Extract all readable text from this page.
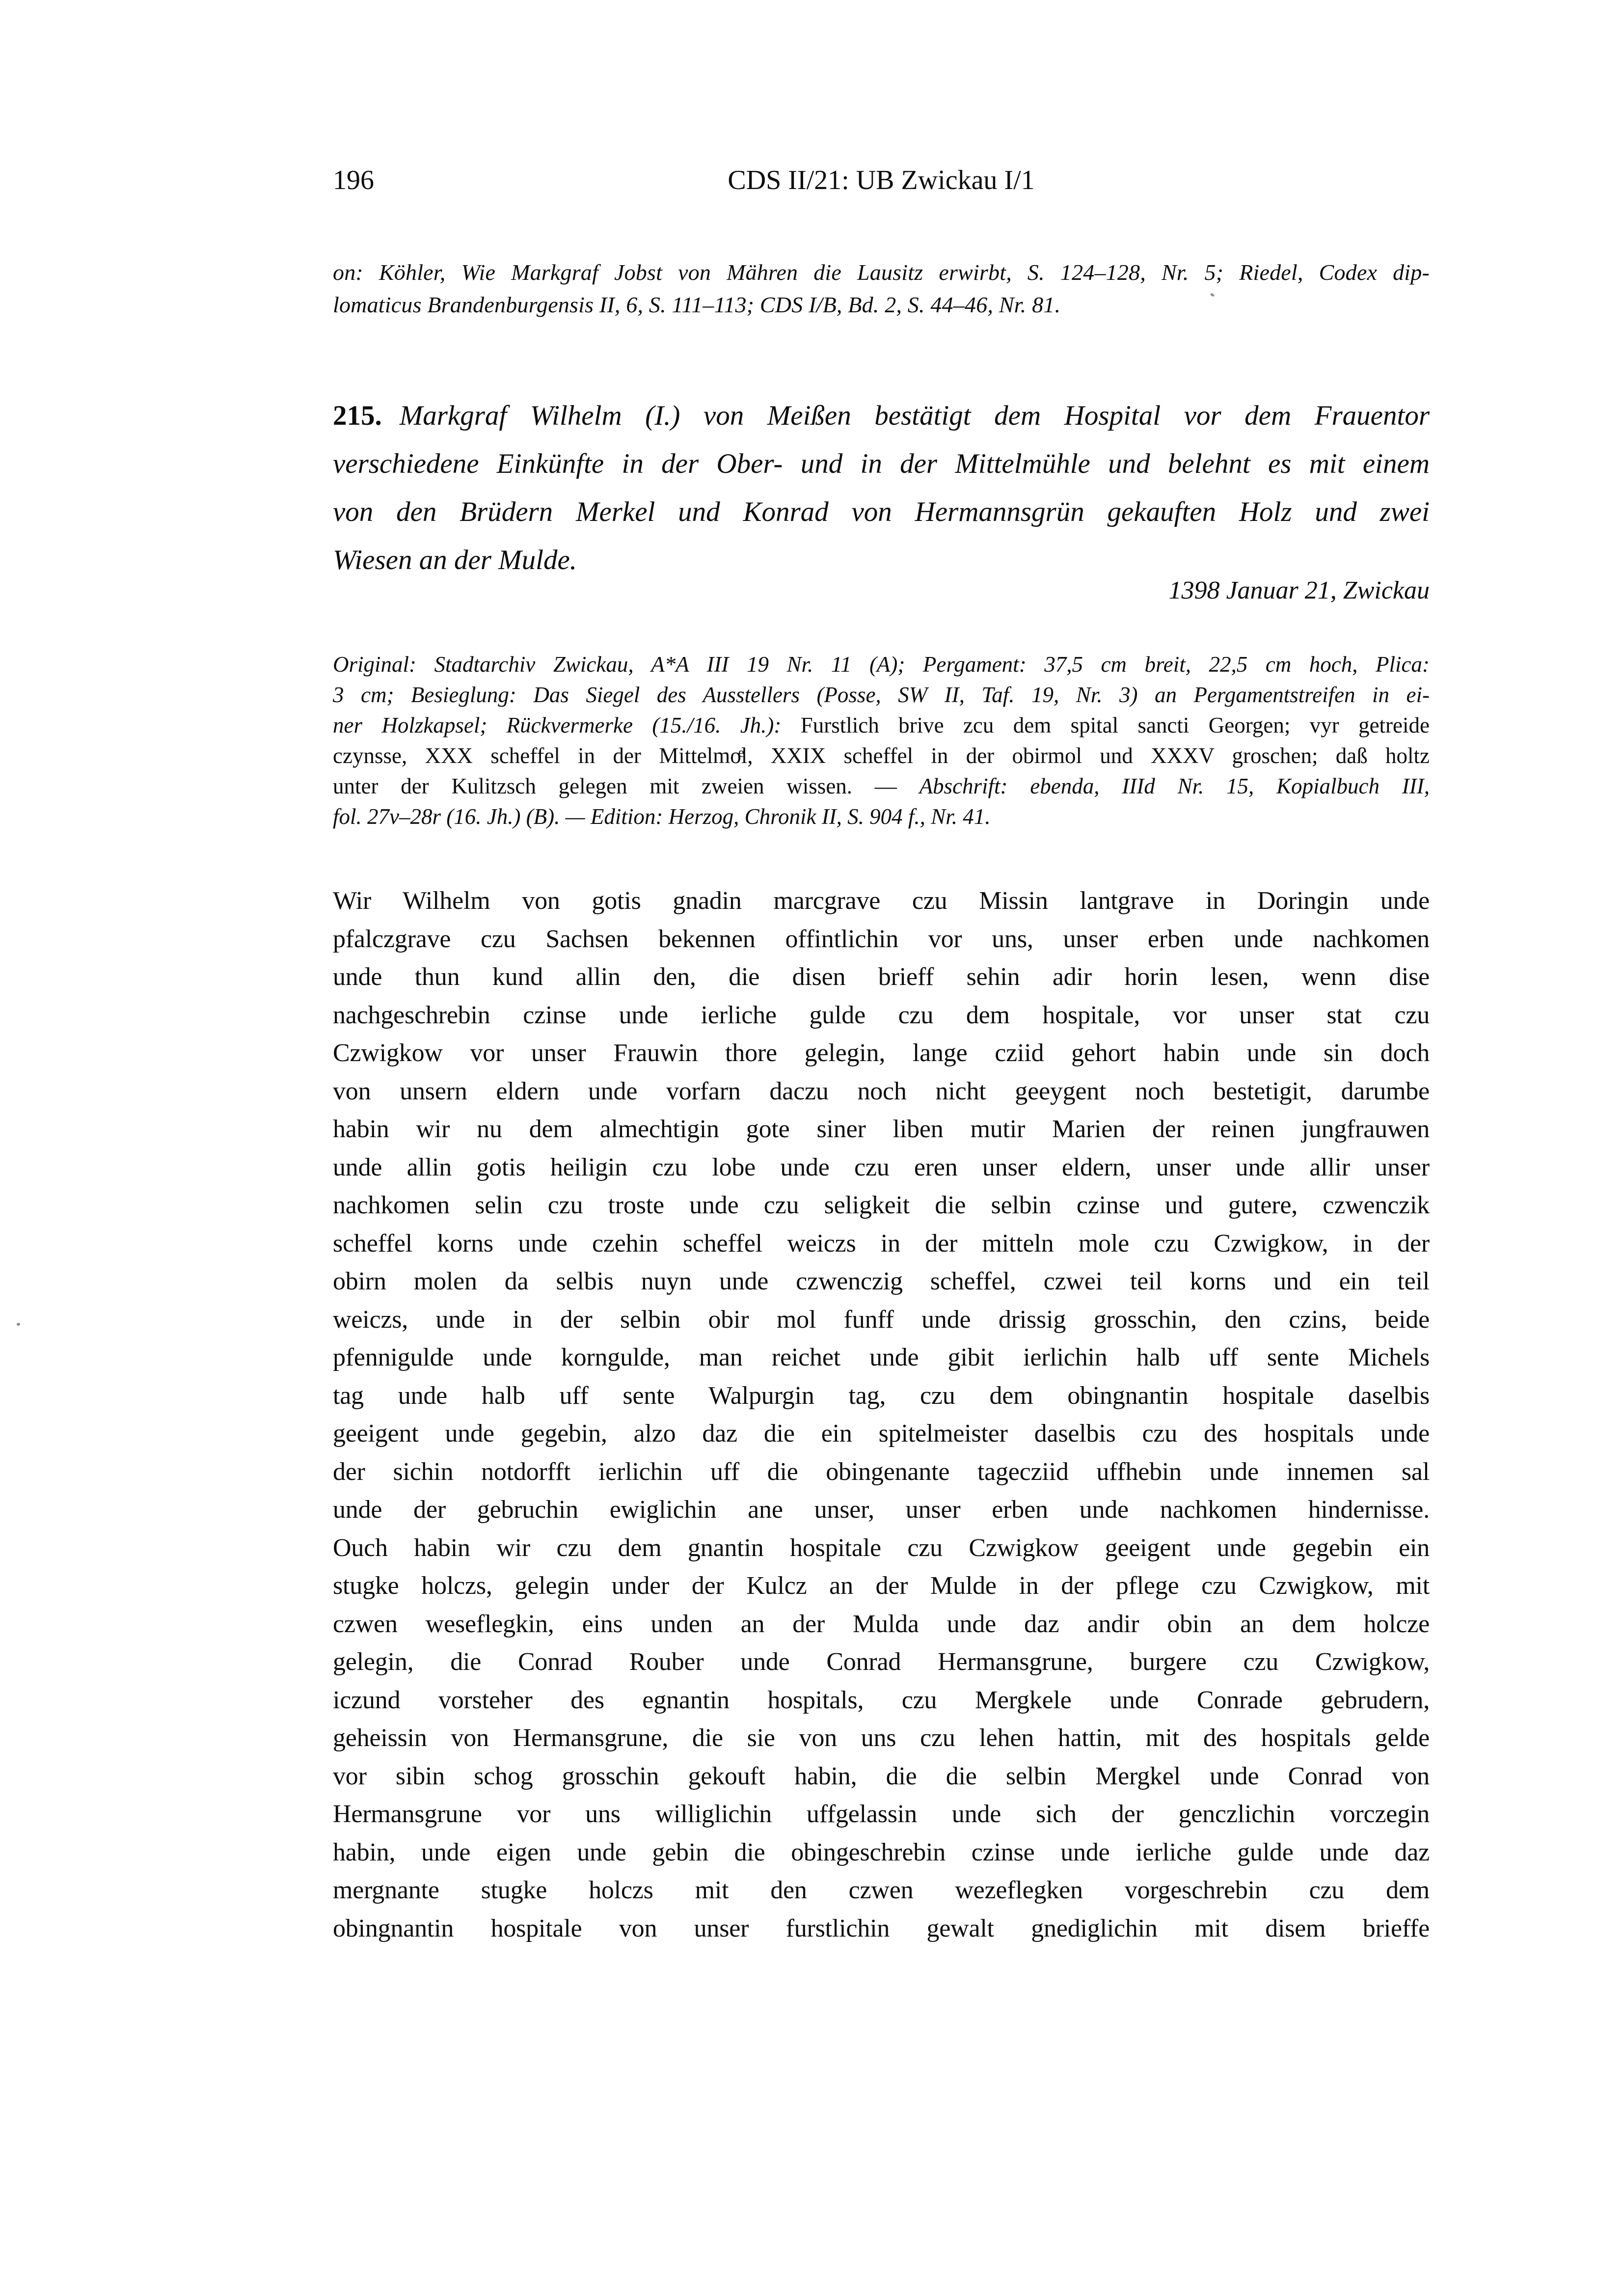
196	CDS II/21: UB Zwickau I/1
on: Köhler, Wie Markgraf Jobst von Mähren die Lausitz erwirbt, S. 124–128, Nr. 5; Riedel, Codex dip-
lomaticus Brandenburgensis II, 6, S. 111–113; CDS I/B, Bd. 2, S. 44–46, Nr. 81.
215. Markgraf Wilhelm (I.) von Meißen bestätigt dem Hospital vor dem Frauentor
verschiedene Einkünfte in der Ober- und in der Mittelmühle und belehnt es mit einem
von den Brüdern Merkel und Konrad von Hermannsgrün gekauften Holz und zwei
Wiesen an der Mulde.
1398 Januar 21, Zwickau
Original: Stadtarchiv Zwickau, A*A III 19 Nr. 11 (A); Pergament: 37,5 cm breit, 22,5 cm hoch, Plica:
3 cm; Besieglung: Das Siegel des Ausstellers (Posse, SW II, Taf. 19, Nr. 3) an Pergamentstreifen in ei-
ner Holzkapsel; Rückvermerke (15./16. Jh.): Furstlich brive zcu dem spital sancti Georgen; vyr getreide
czynsse, XXX scheffel in der Mittelmoͤl, XXIX scheffel in der obirmol und XXXV groschen; daß holtz
unter der Kulitzsch gelegen mit zweien wissen. — Abschrift: ebenda, IIId Nr. 15, Kopialbuch III,
fol. 27v–28r (16. Jh.) (B). — Edition: Herzog, Chronik II, S. 904 f., Nr. 41.
Wir Wilhelm von gotis gnadin marcgrave czu Missin lantgrave in Doringin unde
pfalczgrave czu Sachsen bekennen offintlichin vor uns, unser erben unde nachkomen
unde thun kund allin den, die disen brieff sehin adir horin lesen, wenn dise
nachgeschrebin czinse unde ierliche gulde czu dem hospitale, vor unser stat czu
Czwigkow vor unser Frauwin thore gelegin, lange cziid gehort habin unde sin doch
von unsern eldern unde vorfarn daczu noch nicht geeygent noch bestetigit, darumbe
habin wir nu dem almechtigin gote siner liben mutir Marien der reinen jungfrauwen
unde allin gotis heiligin czu lobe unde czu eren unser eldern, unser unde allir unser
nachkomen selin czu troste unde czu seligkeit die selbin czinse und gutere, czwenczik
scheffel korns unde czehin scheffel weiczs in der mitteln mole czu Czwigkow, in der
obirn molen da selbis nuyn unde czwenczig scheffel, czwei teil korns und ein teil
weiczs, unde in der selbin obir mol funff unde drissig grosschin, den czins, beide
pfennigulde unde korngulde, man reichet unde gibit ierlichin halb uff sente Michels
tag unde halb uff sente Walpurgin tag, czu dem obingnantin hospitale daselbis
geeigent unde gegebin, alzo daz die ein spitelmeister daselbis czu des hospitals unde
der sichin notdorfft ierlichin uff die obingenante tagecziid uffhebin unde innemen sal
unde der gebruchin ewiglichin ane unser, unser erben unde nachkomen hindernisse.
Ouch habin wir czu dem gnantin hospitale czu Czwigkow geeigent unde gegebin ein
stugke holczs, gelegin under der Kulcz an der Mulde in der pflege czu Czwigkow, mit
czwen weseflegkin, eins unden an der Mulda unde daz andir obin an dem holcze
gelegin, die Conrad Rouber unde Conrad Hermansgrune, burgere czu Czwigkow,
iczund vorsteher des egnantin hospitals, czu Mergkele unde Conrade gebrudern,
geheissin von Hermansgrune, die sie von uns czu lehen hattin, mit des hospitals gelde
vor sibin schog grosschin gekouft habin, die die selbin Mergkel unde Conrad von
Hermansgrune vor uns williglichin uffgelassin unde sich der genczlichin vorczegin
habin, unde eigen unde gebin die obingeschrebin czinse unde ierliche gulde unde daz
mergnante stugke holczs mit den czwen wezeflegken vorgeschrebin czu dem
obingnantin hospitale von unser furstlichin gewalt gnediglichin mit disem brieffe
